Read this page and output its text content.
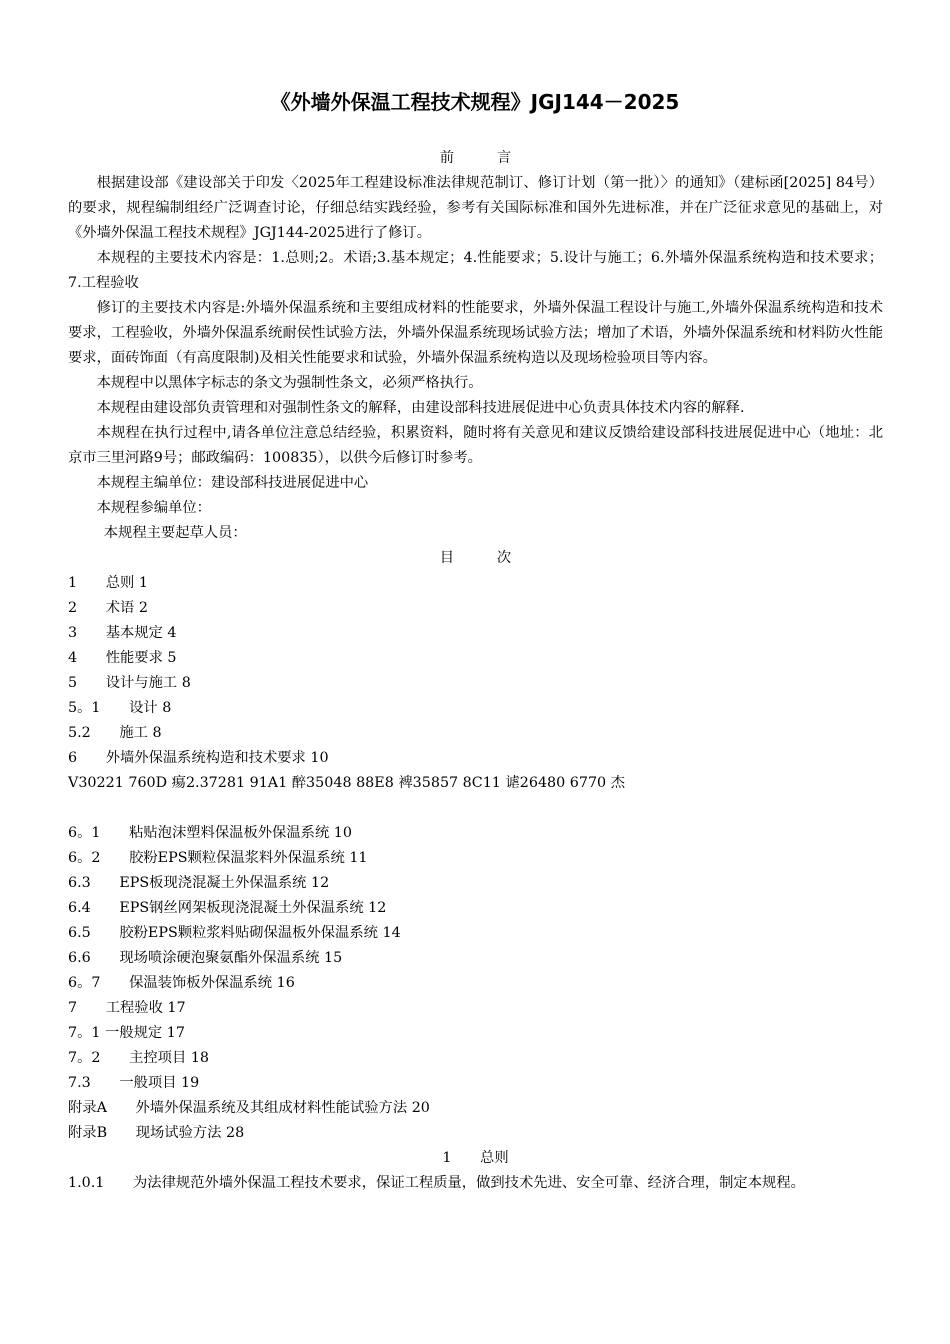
《外墙外保温工程技术规程》JGJ144－2025
前　　　言

根据建设部《建设部关于印发〈2025年工程建设标准法律规范制订、修订计划（第一批）〉的通知》（建标函[2025] 84号）的要求，规程编制组经广泛调查讨论，仔细总结实践经验，参考有关国际标准和国外先进标准，并在广泛征求意见的基础上，对《外墙外保温工程技术规程》JGJ144-2025进行了修订。

本规程的主要技术内容是：1.总则;2。术语;3.基本规定；4.性能要求；5.设计与施工；6.外墙外保温系统构造和技术要求；7.工程验收

修订的主要技术内容是:外墙外保温系统和主要组成材料的性能要求，外墙外保温工程设计与施工,外墙外保温系统构造和技术要求，工程验收，外墙外保温系统耐侯性试验方法，外墙外保温系统现场试验方法；增加了术语，外墙外保温系统和材料防火性能要求，面砖饰面（有高度限制)及相关性能要求和试验，外墙外保温系统构造以及现场检验项目等内容。

本规程中以黑体字标志的条文为强制性条文，必须严格执行。

本规程由建设部负责管理和对强制性条文的解释，由建设部科技进展促进中心负责具体技术内容的解释.

本规程在执行过程中,请各单位注意总结经验，积累资料，随时将有关意见和建议反馈给建设部科技进展促进中心（地址：北京市三里河路9号；邮政编码：100835），以供今后修订时参考。

本规程主编单位：建设部科技进展促进中心

本规程参编单位：

本规程主要起草人员：

目　　　次

1　　总则 1

2　　术语 2

3　　基本规定 4

4　　性能要求 5

5　　设计与施工 8

5。1　　设计 8

5.2　　施工 8

6　　外墙外保温系统构造和技术要求 10

V30221 760D 瘍2.37281 91A1 醉35048 88E8 裨35857 8C11 谑26480 6770 杰

6。1　　粘贴泡沫塑料保温板外保温系统 10

6。2　　胶粉EPS颗粒保温浆料外保温系统 11

6.3　　EPS板现浇混凝土外保温系统 12

6.4　　EPS钢丝网架板现浇混凝土外保温系统 12

6.5　　胶粉EPS颗粒浆料贴砌保温板外保温系统 14

6.6　　现场喷涂硬泡聚氨酯外保温系统 15

6。7　　保温装饰板外保温系统 16

7　　工程验收 17

7。1 一般规定 17

7。2　　主控项目 18

7.3　　一般项目 19

附录A　　外墙外保温系统及其组成材料性能试验方法 20

附录B　　现场试验方法 28

1　　总则

1.0.1　　为法律规范外墙外保温工程技术要求，保证工程质量，做到技术先进、安全可靠、经济合理，制定本规程。
